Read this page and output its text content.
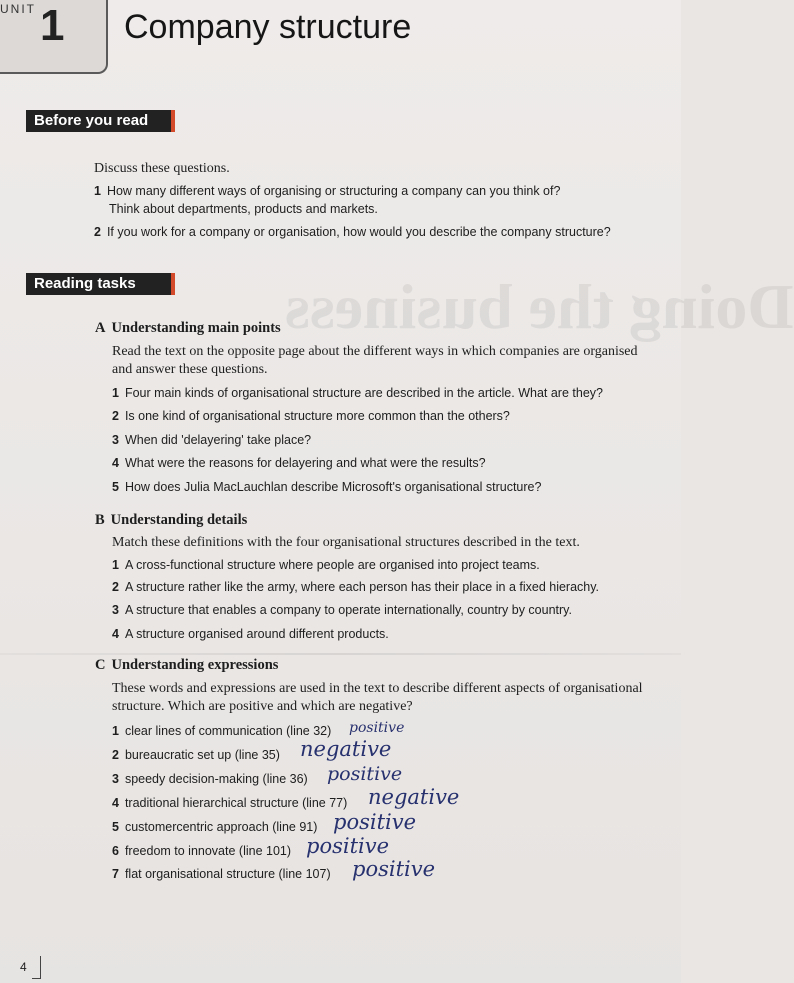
Doing the business
UNIT 1 Company structure
Before you read
Discuss these questions.
1 How many different ways of organising or structuring a company can you think of?
Think about departments, products and markets.
2 If you work for a company or organisation, how would you describe the company structure?
Reading tasks
A Understanding main points
Read the text on the opposite page about the different ways in which companies are organised
and answer these questions.
1 Four main kinds of organisational structure are described in the article. What are they?
2 Is one kind of organisational structure more common than the others?
3 When did 'delayering' take place?
4 What were the reasons for delayering and what were the results?
5 How does Julia MacLauchlan describe Microsoft's organisational structure?
B Understanding details
Match these definitions with the four organisational structures described in the text.
1 A cross-functional structure where people are organised into project teams.
2 A structure rather like the army, where each person has their place in a fixed hierachy.
3 A structure that enables a company to operate internationally, country by country.
4 A structure organised around different products.
C Understanding expressions
These words and expressions are used in the text to describe different aspects of organisational
structure. Which are positive and which are negative?
1 clear lines of communication (line 32) positive
2 bureaucratic set up (line 35) negative
3 speedy decision-making (line 36) positive
4 traditional hierarchical structure (line 77) negative
5 customercentric approach (line 91) positive
6 freedom to innovate (line 101) positive
7 flat organisational structure (line 107) positive
4
